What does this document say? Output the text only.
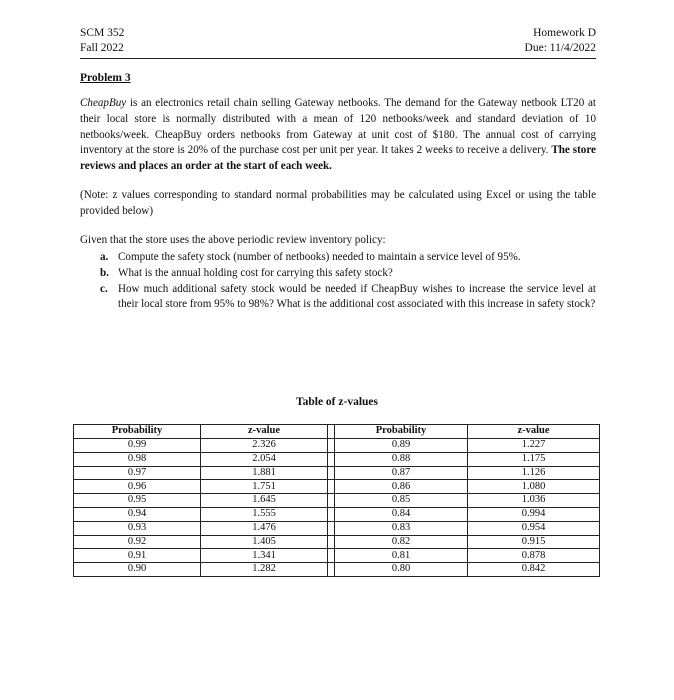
SCM 352
Fall 2022
Homework D
Due: 11/4/2022
Problem 3
CheapBuy is an electronics retail chain selling Gateway netbooks. The demand for the Gateway netbook LT20 at their local store is normally distributed with a mean of 120 netbooks/week and standard deviation of 10 netbooks/week. CheapBuy orders netbooks from Gateway at unit cost of $180. The annual cost of carrying inventory at the store is 20% of the purchase cost per unit per year. It takes 2 weeks to receive a delivery. The store reviews and places an order at the start of each week.
(Note: z values corresponding to standard normal probabilities may be calculated using Excel or using the table provided below)
Given that the store uses the above periodic review inventory policy:
a. Compute the safety stock (number of netbooks) needed to maintain a service level of 95%.
b. What is the annual holding cost for carrying this safety stock?
c. How much additional safety stock would be needed if CheapBuy wishes to increase the service level at their local store from 95% to 98%? What is the additional cost associated with this increase in safety stock?
Table of z-values
Probability	z-value		Probability	z-value
0.99	2.326		0.89	1.227
0.98	2.054		0.88	1.175
0.97	1.881		0.87	1.126
0.96	1.751		0.86	1.080
0.95	1.645		0.85	1.036
0.94	1.555		0.84	0.994
0.93	1.476		0.83	0.954
0.92	1.405		0.82	0.915
0.91	1.341		0.81	0.878
0.90	1.282		0.80	0.842
